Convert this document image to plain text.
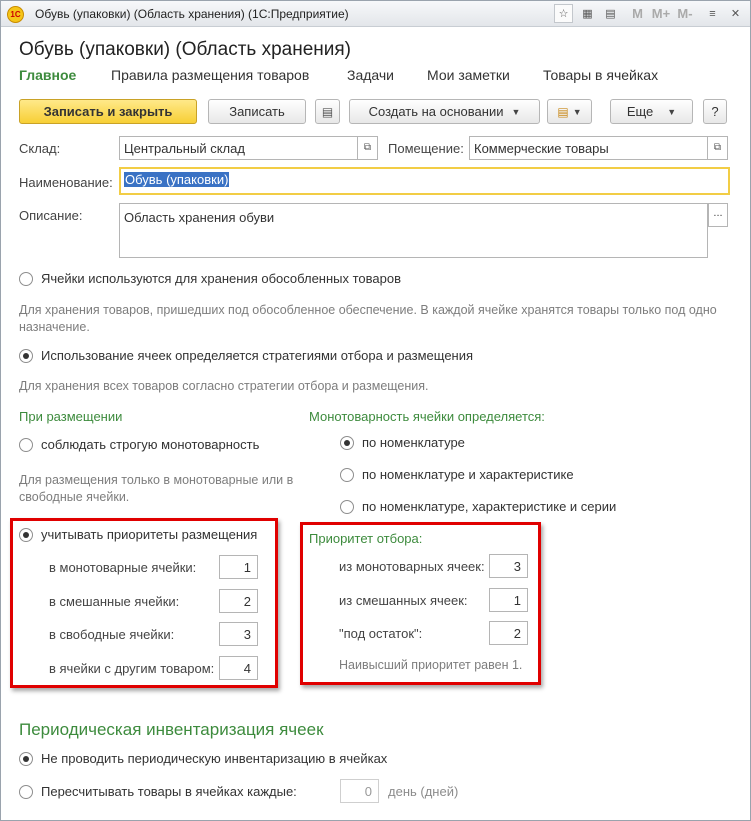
1С Обувь (упаковки) (Область хранения) (1С:Предприятие)	☆	▦	▤	M M+ M-	≡	✕
Обувь (упаковки) (Область хранения)
Главное Правила размещения товаров	Задачи Мои заметки Товары в ячейках
Записать и закрыть	Записать	▤	Создать на основании ▼	▤ ▼	Еще ▼	?
Склад:	Центральный склад	⧉	Помещение: Коммерческие товары	⧉
Наименование: Обувь (упаковки)
Описание:	Область хранения обуви	...
Ячейки используются для хранения обособленных товаров
Для хранения товаров, пришедших под обособленное обеспечение. В каждой ячейке хранятся товары только под одно назначение.
Использование ячеек определяется стратегиями отбора и размещения
Для хранения всех товаров согласно стратегии отбора и размещения.
При размещении
соблюдать строгую монотоварность
Для размещения только в монотоварные или в свободные ячейки.
учитывать приоритеты размещения
в монотоварные ячейки:	1
в смешанные ячейки:	2
в свободные ячейки:	3
в ячейки с другим товаром:	4
Монотоварность ячейки определяется:
по номенклатуре
по номенклатуре и характеристике
по номенклатуре, характеристике и серии
Приоритет отбора:
из монотоварных ячеек:	3
из смешанных ячеек:	1
"под остаток":	2
Наивысший приоритет равен 1.
Периодическая инвентаризация ячеек
Не проводить периодическую инвентаризацию в ячейках
Пересчитывать товары в ячейках каждые:	0	день (дней)
